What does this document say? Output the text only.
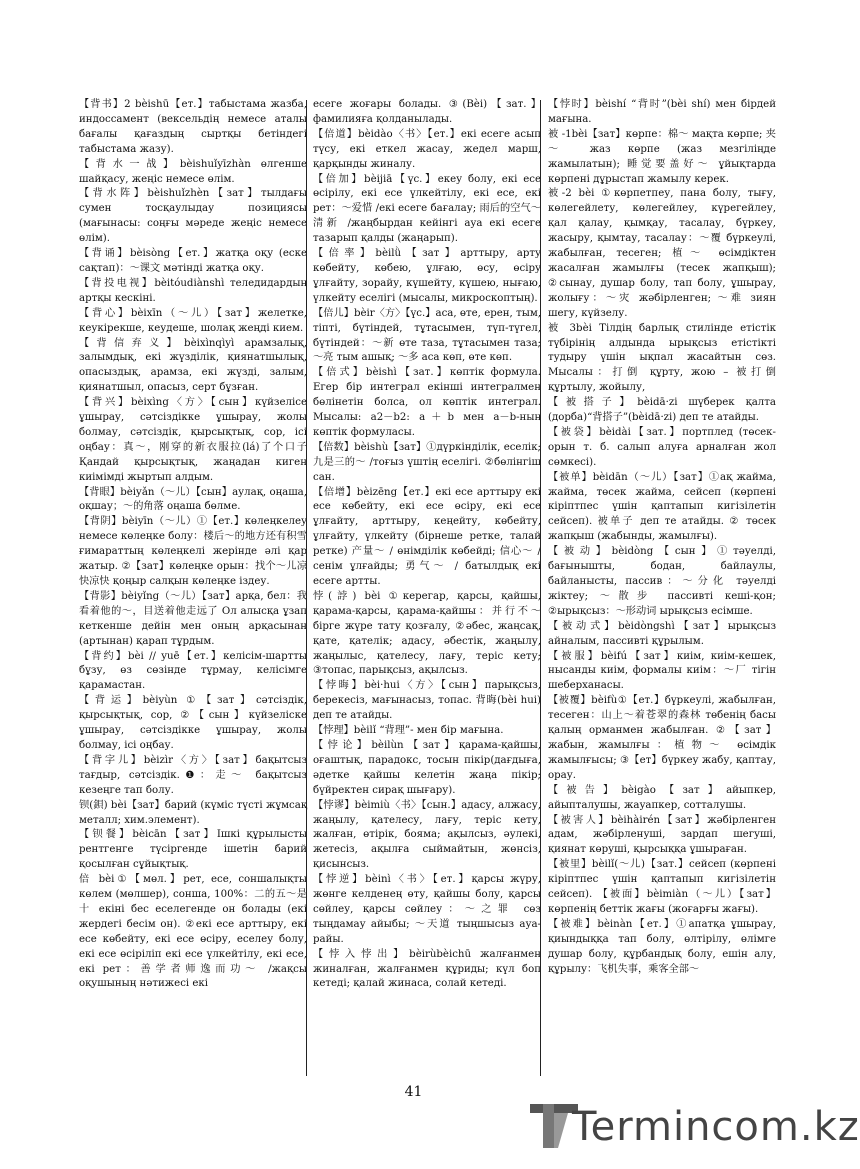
【背书】2 bèishū【ет.】табыстама жазба, индоссамент (вексельдің немесе аталы бағалы қағаздың сыртқы бетіндегі табыстама жазу).

【背水一战】bèishuǐyīzhàn өлгенше шайқасу, жеңіс немесе өлім.

【背水阵】bèishuǐzhèn【зат】тылдағы сумен тосқаулыдау позициясы (мағынасы: соңғы мәреде жеңіс немесе өлім).

【背诵】bèisòng【ет.】жатқа оқу (еске сақтап)：～课文 мәтінді жатқа оқу.

【背投电视】bèitóudiànshì теледидардың артқы кескіні.

【背心】bèixīn（～儿）【зат】желетке, кеукірекше, кеудеше, шолақ жеңді кием.

【背信弃义】bèixìnqìyì арамзалық, залымдық, екі жүзділік, қиянатшылық, опасыздық, арамза, екі жүзді, залым, қиянатшыл, опасыз, серт бұзған.

【背兴】bèixìng〈方〉【сын】күйзелісе ұшырау, сәтсіздікке ұшырау, жолы болмау, сәтсіздік, қырсықтық, сор, ісі оңбау：真～，刚穿的新衣服拉(lá)了个口子 Қандай қырсықтық, жаңадан киген киімімді жыртып алдым.

【背眼】bèiyǎn（～儿）【сын】аулақ, оңаша, оқшау；～的角落 оңаша бөлме.

【背阴】bèiyīn（～儿）①【ет.】көлеңкелеу немесе көлеңке болу：楼后～的地方还有积雪 ғимараттың көлеңкелі жерінде әлі қар жатыр. ②【зат】көлеңке орын：找个～儿凉快凉快 қоңыр салқын көлеңке іздеу.

【背影】bèiyǐng（～儿）【зат】арқа, бел：我看着他的～，目送着他走远了 Ол алысқа ұзап кеткенше дейін мен оның арқасынан (артынан) қарап тұрдым.

【背约】bèi // yuē【ет.】келісім-шартты бұзу, өз сөзінде тұрмау, келісімге қарамастан.

【背运】bèiyùn ①【зат】сәтсіздік, қырсықтық, сор, ②【сын】күйзеліске ұшырау, сәтсіздікке ұшырау, жолы болмау, ісі оңбау.

【背字儿】bèizìr〈方〉【зат】бақытсыз тағдыр, сәтсіздік.❶：走～ бақытсыз кезеңге тап болу.

钡(鋇) bèi【зат】барий (күміс түсті жұмсақ металл; хим.элемент).

【钡餐】bèicān【зат】Ішкі құрылысты рентгенге түсіргенде ішетін барий қосылған сұйықтық.

倍 bèi①【мөл.】рет, есе, соншалықты көлем (мөлшер), сонша, 100%：二的五～是十 екіні бес еселегенде он болады (екі жердегі бесім он). ②екі есе арттыру, екі есе көбейту, екі есе өсіру, еселеу болу, екі есе өсіріліп екі есе үлкейтілу, екі есе, екі рет：善学者师逸而功～ /жақсы оқушының нәтижесі екі

есеге жоғары болады. ③(Bèi)【зат.】фамилияға қолданылады.

【倍道】bèidào〈书〉【ет.】екі есеге асып түсу, екі еткел жасау, жедел марш, қарқынды жиналу.

【倍加】bèijiā【үс.】екеу болу, екі есе өсірілу, екі есе үлкейтілу, екі есе, екі рет：～爱惜 /екі есеге бағалау; 雨后的空气～清新 /жаңбырдан кейінгі ауа екі есеге тазарып қалды (жаңарып).

【倍率】bèilǜ【зат】арттыру, арту көбейту, көбею, ұлғаю, өсу, өсіру ұлғайту, зорайу, күшейту, күшею, нығаю, үлкейту еселігі (мысалы, микроскоптың).

【倍儿】bèir〈方〉【үс.】аса, өте, ерен, тым, тіпті, бүтіндей, тұтасымен, түп-түгел, бүтіндей：～新 өте таза, тұтасымен таза; ～亮 тым ашық; ～多 аса көп, өте көп.

【倍式】bèishì【зат.】көптік формула. Егер бір интеграл екінші интегралмен бөлінетін болса, ол көптік интеграл. Мысалы: a2－b2: a＋b мен a－b-ның көптік формуласы.

【倍数】bèishù【зат】①дүркінділік, еселік; 九是三的～ /тоғыз үштің еселігі. ②бөлінгіш сан.

【倍增】bèizēng【ет.】екі есе арттыру екі есе көбейту, екі есе өсіру, екі есе ұлғайту, арттыру, кеңейту, көбейту, ұлғайту, үлкейту (бірнеше ретке, талай ретке) 产量～ / өнімділік көбейді; 信心～ / сенім ұлғайды; 勇气～ / батылдық екі есеге артты.

悖(誖) bèi ①керегар, қарсы, қайшы, қарама-қарсы, қарама-қайшы：并行不～ бірге жүре тату қозғалу, ②әбес, жаңсақ, қате, қателік; адасу, әбестік, жаңылу, жаңылыс, қателесу, лағу, теріс кету; ③топас, парықсыз, ақылсыз.

【悖晦】bèi·hui〈方〉【сын】парықсыз, берекесіз, мағынасыз, топас. 背晦(bèi hui) деп те атайды.

【悖理】bèilǐ “背理”- мен бір мағына.

【悖论】bèilùn【зат】қарама-қайшы, оғаштық, парадокс, тосын пікір(дағдыға, әдетке қайшы келетін жаңа пікір; бүйректен сирақ шығару).

【悖谬】bèimiù〈书〉【сын.】адасу, алжасу, жаңылу, қателесу, лағу, теріс кету, жалған, өтірік, бояма; ақылсыз, әулекі, жетесіз, ақылға сыймайтын, жөнсіз, қисынсыз.

【悖逆】bèinì〈书〉【ет.】қарсы жүру, жөнге келденең өту, қайшы болу, қарсы сөйлеу, қарсы сөйлеу：～之罪 сөз тыңдамау айыбы; ～天道 тыңшысыз ауа-райы.

【悖入悖出】bèirùbèichū жалғанмен жиналған, жалғанмен құриды; күл боп кетеді; қалай жинаса, солай кетеді.

【悖时】bèishí “背时”(bèi shí) мен бірдей мағына.

被 -1bèi【зат】көрпе：棉～ мақта көрпе; 夹～ жаз көрпе (жаз мезгіліңде жамылатын); 睡觉要盖好～ ұйықтарда көрпені дұрыстап жамылу керек.

被-2 bèi ①көрпетпеу, пана болу, тығу, көлегейлету, көлегейлеу, күрегейлеу, қал қалау, қымқау, тасалау, бүркеу, жасыру, қымтау, тасалау：～覆 бүркеулі, жабылған, тесеген; 植～ өсімдіктен жасалған жамылғы (тесек жапқыш); ②сынау, душар болу, тап болу, ұшырау, жолығу：～灾 жәбірленген; ～难 зиян шегу, күйзелу.

被 3bèi Тілдің барлық стилінде етістік түбірінің алдында ырықсыз етістікті тудыру үшін ықпал жасайтын сөз. Мысалы：打倒 құрту, жою – 被打倒 құртылу, жойылу,

【被搭子】bèidā·zi шүберек қалта (дорба)“背搭子”(bèidā·zi) деп те атайды.

【被袋】bèidài【зат.】портплед (төсек-орын т. б. салып алуға арналған жол сөмкесі).

【被单】bèidān（～儿）【зат】①ақ жайма, жайма, төсек жайма, сейсеп (көрпені кіріптпес үшін қаптапып кигізілетін сейсеп). 被单子 деп те атайды. ② төсек жапқыш (жабынды, жамылғы).

【被动】bèidòng【сын】①тәуелді, бағынышты, бодан, байлаулы, байланысты, пассив：～分化 тәуелді жіктеу; ～散步 пассивті кешi-қон; ②ырықсыз：～形动词 ырықсыз есімше.

【被动式】bèidòngshì【зат】ырықсыз айналым, пассивті құрылым.

【被服】bèifú【зат】киім, киім-кешек, нысанды киім, формалы киім：～厂 тігін шеберханасы.

【被覆】bèifù①【ет.】бүркеулі, жабылған, тесеген：山上～着苍翠的森林 төбенің басы қалың орманмен жабылған. ②【зат】жабын, жамылғы：植物～ өсімдік жамылғысы; ③【ет】бүркеу жабу, қаптау, орау.

【被告】bèigào【зат】айыпкер, айыпталушы, жауапкер, сотталушы.

【被害人】bèihàirén【зат】жәбірленген адам, жәбірленуші, зардап шегуші, қиянат көруші, қырсыққа ұшыраған.

【被里】bèilǐ(～儿)【зат.】сейсеп (көрпені кіріптпес үшін қаптапып кигізілетін сейсеп). 【被面】bèimiàn（～儿）【зат】көрпенің беттік жағы (жоғарғы жағы).

【被难】bèinàn【ет.】①апатқа ұшырау, қиындыққа тап болу, өлтірілу, өлімге душар болу, құрбандық болу, ешін алу, құрылу：飞机失事，乘客全部～

41
Termincom.kz
